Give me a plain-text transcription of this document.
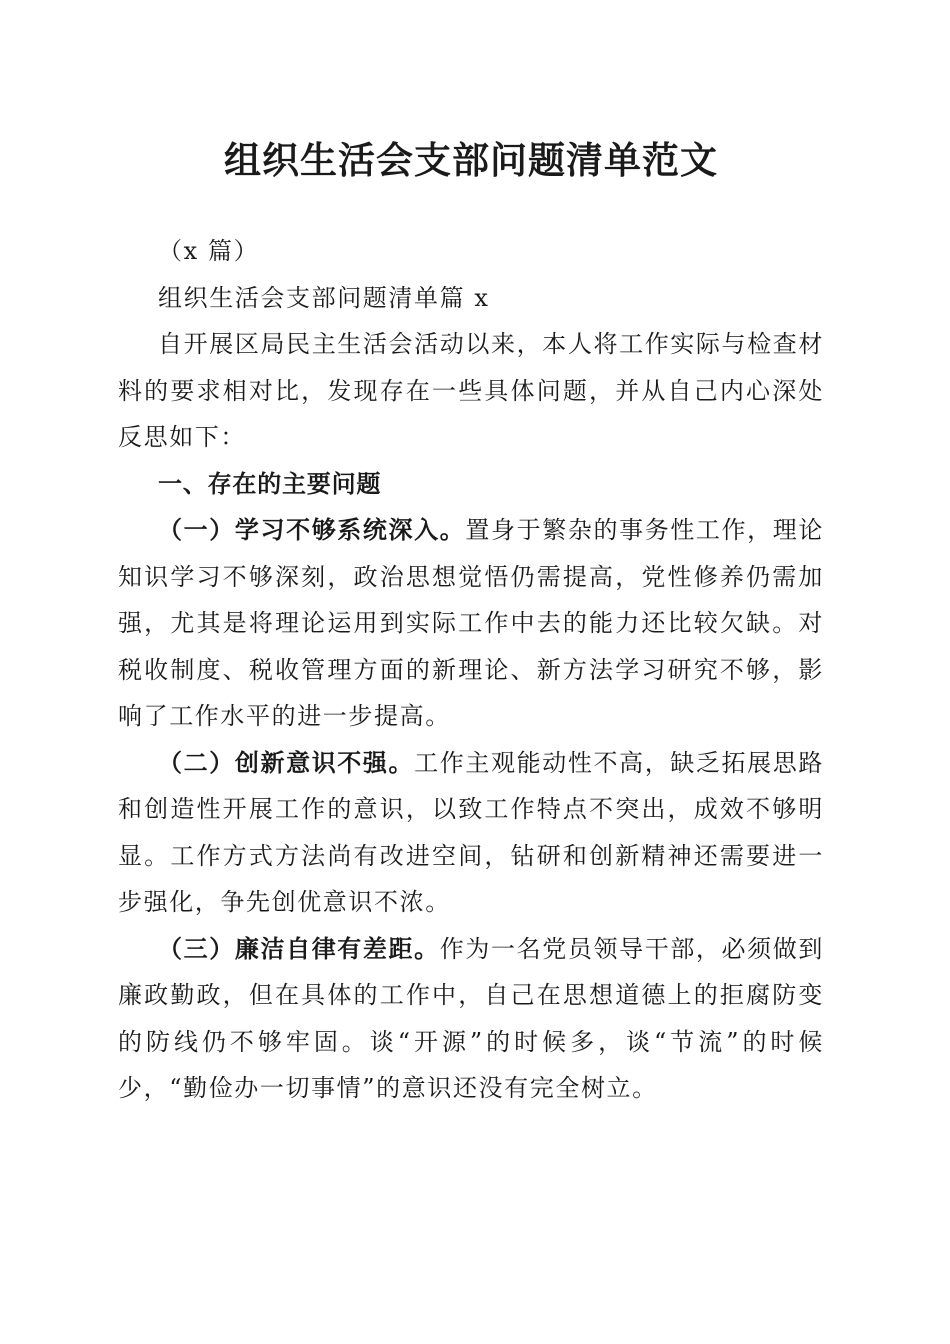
组织生活会支部问题清单范文

（x 篇）

组织生活会支部问题清单篇 x

自开展区局民主生活会活动以来，本人将工作实际与检查材料的要求相对比，发现存在一些具体问题，并从自己内心深处反思如下：

一、存在的主要问题

（一）学习不够系统深入。置身于繁杂的事务性工作，理论知识学习不够深刻，政治思想觉悟仍需提高，党性修养仍需加强，尤其是将理论运用到实际工作中去的能力还比较欠缺。对税收制度、税收管理方面的新理论、新方法学习研究不够，影响了工作水平的进一步提高。

（二）创新意识不强。工作主观能动性不高，缺乏拓展思路和创造性开展工作的意识，以致工作特点不突出，成效不够明显。工作方式方法尚有改进空间，钻研和创新精神还需要进一步强化，争先创优意识不浓。

（三）廉洁自律有差距。作为一名党员领导干部，必须做到廉政勤政，但在具体的工作中，自己在思想道德上的拒腐防变的防线仍不够牢固。谈“开源”的时候多，谈“节流”的时候少，“勤俭办一切事情”的意识还没有完全树立。
